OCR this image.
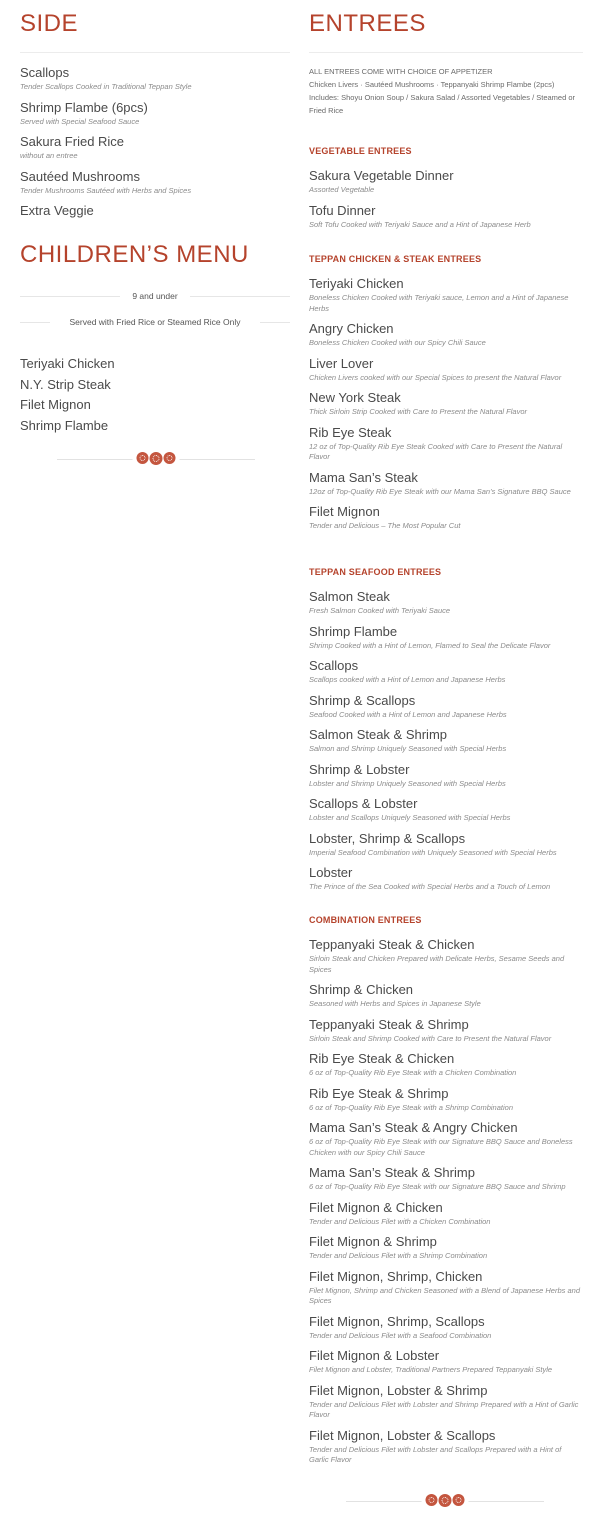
SIDE
Scallops
Tender Scallops Cooked in Traditional Teppan Style
Shrimp Flambe (6pcs)
Served with Special Seafood Sauce
Sakura Fried Rice
without an entree
Sautéed Mushrooms
Tender Mushrooms Sautéed with Herbs and Spices
Extra Veggie
CHILDREN’S MENU
9 and under
Served with Fried Rice or Steamed Rice Only
Teriyaki Chicken
N.Y. Strip Steak
Filet Mignon
Shrimp Flambe
ENTREES
ALL ENTREES COME WITH CHOICE OF APPETIZER
Chicken Livers · Sautéed Mushrooms · Teppanyaki Shrimp Flambe (2pcs)
Includes: Shoyu Onion Soup / Sakura Salad / Assorted Vegetables / Steamed or Fried Rice
VEGETABLE ENTREES
Sakura Vegetable Dinner
Assorted Vegetable
Tofu Dinner
Soft Tofu Cooked with Teriyaki Sauce and a Hint of Japanese Herb
TEPPAN CHICKEN & STEAK ENTREES
Teriyaki Chicken
Boneless Chicken Cooked with Teriyaki sauce, Lemon and a Hint of Japanese Herbs
Angry Chicken
Boneless Chicken Cooked with our Spicy Chili Sauce
Liver Lover
Chicken Livers cooked with our Special Spices to present the Natural Flavor
New York Steak
Thick Sirloin Strip Cooked with Care to Present the Natural Flavor
Rib Eye Steak
12 oz of Top-Quality Rib Eye Steak Cooked with Care to Present the Natural Flavor
Mama San’s Steak
12oz of Top-Quality Rib Eye Steak with our Mama San’s Signature BBQ Sauce
Filet Mignon
Tender and Delicious – The Most Popular Cut
TEPPAN SEAFOOD ENTREES
Salmon Steak
Fresh Salmon Cooked with Teriyaki Sauce
Shrimp Flambe
Shrimp Cooked with a Hint of Lemon, Flamed to Seal the Delicate Flavor
Scallops
Scallops cooked with a Hint of Lemon and Japanese Herbs
Shrimp & Scallops
Seafood Cooked with a Hint of Lemon and Japanese Herbs
Salmon Steak & Shrimp
Salmon and Shrimp Uniquely Seasoned with Special Herbs
Shrimp & Lobster
Lobster and Shrimp Uniquely Seasoned with Special Herbs
Scallops & Lobster
Lobster and Scallops Uniquely Seasoned with Special Herbs
Lobster, Shrimp & Scallops
Imperial Seafood Combination with Uniquely Seasoned with Special Herbs
Lobster
The Prince of the Sea Cooked with Special Herbs and a Touch of Lemon
COMBINATION ENTREES
Teppanyaki Steak & Chicken
Sirloin Steak and Chicken Prepared with Delicate Herbs, Sesame Seeds and Spices
Shrimp & Chicken
Seasoned with Herbs and Spices in Japanese Style
Teppanyaki Steak & Shrimp
Sirloin Steak and Shrimp Cooked with Care to Present the Natural Flavor
Rib Eye Steak & Chicken
6 oz of Top-Quality Rib Eye Steak with a Chicken Combination
Rib Eye Steak & Shrimp
6 oz of Top-Quality Rib Eye Steak with a Shrimp Combination
Mama San’s Steak & Angry Chicken
6 oz of Top-Quality Rib Eye Steak with our Signature BBQ Sauce and Boneless Chicken with our Spicy Chili Sauce
Mama San’s Steak & Shrimp
6 oz of Top-Quality Rib Eye Steak with our Signature BBQ Sauce and Shrimp
Filet Mignon & Chicken
Tender and Delicious Filet with a Chicken Combination
Filet Mignon & Shrimp
Tender and Delicious Filet with a Shrimp Combination
Filet Mignon, Shrimp, Chicken
Filet Mignon, Shrimp and Chicken Seasoned with a Blend of Japanese Herbs and Spices
Filet Mignon, Shrimp, Scallops
Tender and Delicious Filet with a Seafood Combination
Filet Mignon & Lobster
Filet Mignon and Lobster, Traditional Partners Prepared Teppanyaki Style
Filet Mignon, Lobster & Shrimp
Tender and Delicious Filet with Lobster and Shrimp Prepared with a Hint of Garlic Flavor
Filet Mignon, Lobster & Scallops
Tender and Delicious Filet with Lobster and Scallops Prepared with a Hint of Garlic Flavor
